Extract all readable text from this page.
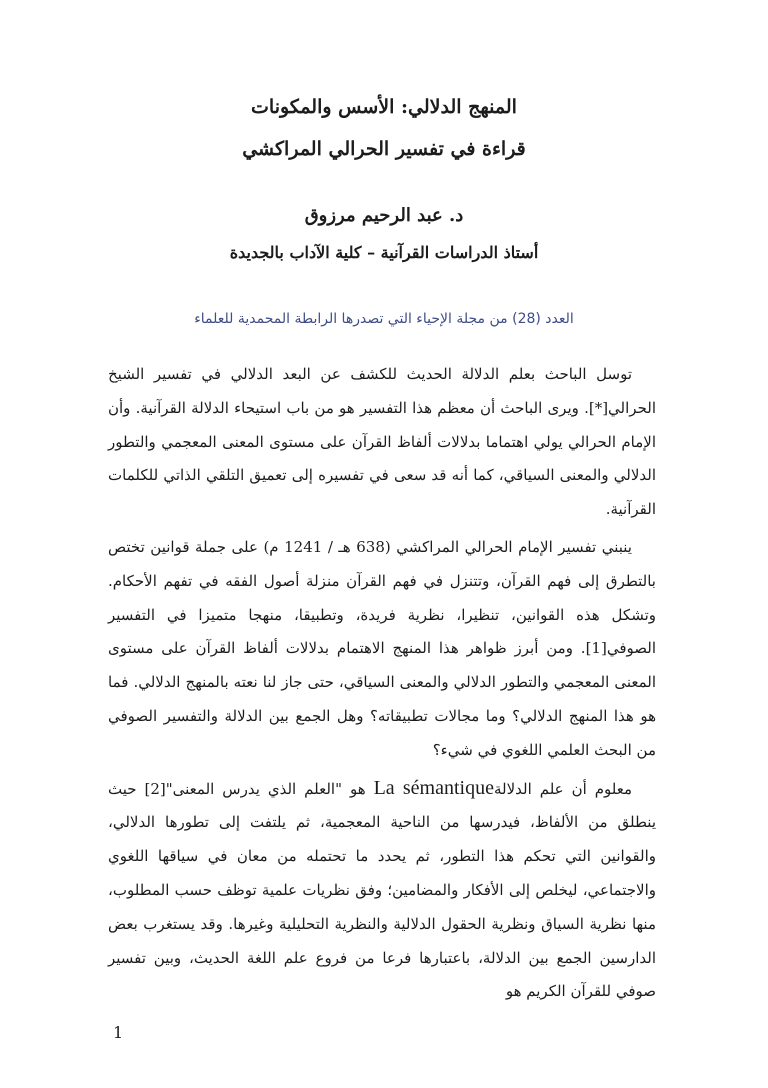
المنهج الدلالي: الأسس والمكونات
قراءة في تفسير الحرالي المراكشي
د. عبد الرحيم مرزوق
أستاذ الدراسات القرآنية – كلية الآداب بالجديدة
العدد (28) من مجلة الإحياء التي تصدرها الرابطة المحمدية للعلماء

توسل الباحث بعلم الدلالة الحديث للكشف عن البعد الدلالي في تفسير الشيخ الحرالي[*]. ويرى الباحث أن معظم هذا التفسير هو من باب استيحاء الدلالة القرآنية. وأن الإمام الحرالي يولي اهتماما بدلالات ألفاظ القرآن على مستوى المعنى المعجمي والتطور الدلالي والمعنى السياقي، كما أنه قد سعى في تفسيره إلى تعميق التلقي الذاتي للكلمات القرآنية.

ينبني تفسير الإمام الحرالي المراكشي (638 هـ / 1241 م) على جملة قوانين تختص بالتطرق إلى فهم القرآن، وتتنزل في فهم القرآن منزلة أصول الفقه في تفهم الأحكام. وتشكل هذه القوانين، تنظيرا، نظرية فريدة، وتطبيقا، منهجا متميزا في التفسير الصوفي[1]. ومن أبرز ظواهر هذا المنهج الاهتمام بدلالات ألفاظ القرآن على مستوى المعنى المعجمي والتطور الدلالي والمعنى السياقي، حتى جاز لنا نعته بالمنهج الدلالي. فما هو هذا المنهج الدلالي؟ وما مجالات تطبيقاته؟ وهل الجمع بين الدلالة والتفسير الصوفي من البحث العلمي اللغوي في شيء؟

معلوم أن علم الدلالةLa sémantique هو "العلم الذي يدرس المعنى"[2] حيث ينطلق من الألفاظ، فيدرسها من الناحية المعجمية، ثم يلتفت إلى تطورها الدلالي، والقوانين التي تحكم هذا التطور، ثم يحدد ما تحتمله من معان في سياقها اللغوي والاجتماعي، ليخلص إلى الأفكار والمضامين؛ وفق نظريات علمية توظف حسب المطلوب، منها نظرية السياق ونظرية الحقول الدلالية والنظرية التحليلية وغيرها. وقد يستغرب بعض الدارسين الجمع بين الدلالة، باعتبارها فرعا من فروع علم اللغة الحديث، وبين تفسير صوفي للقرآن الكريم هو

1
